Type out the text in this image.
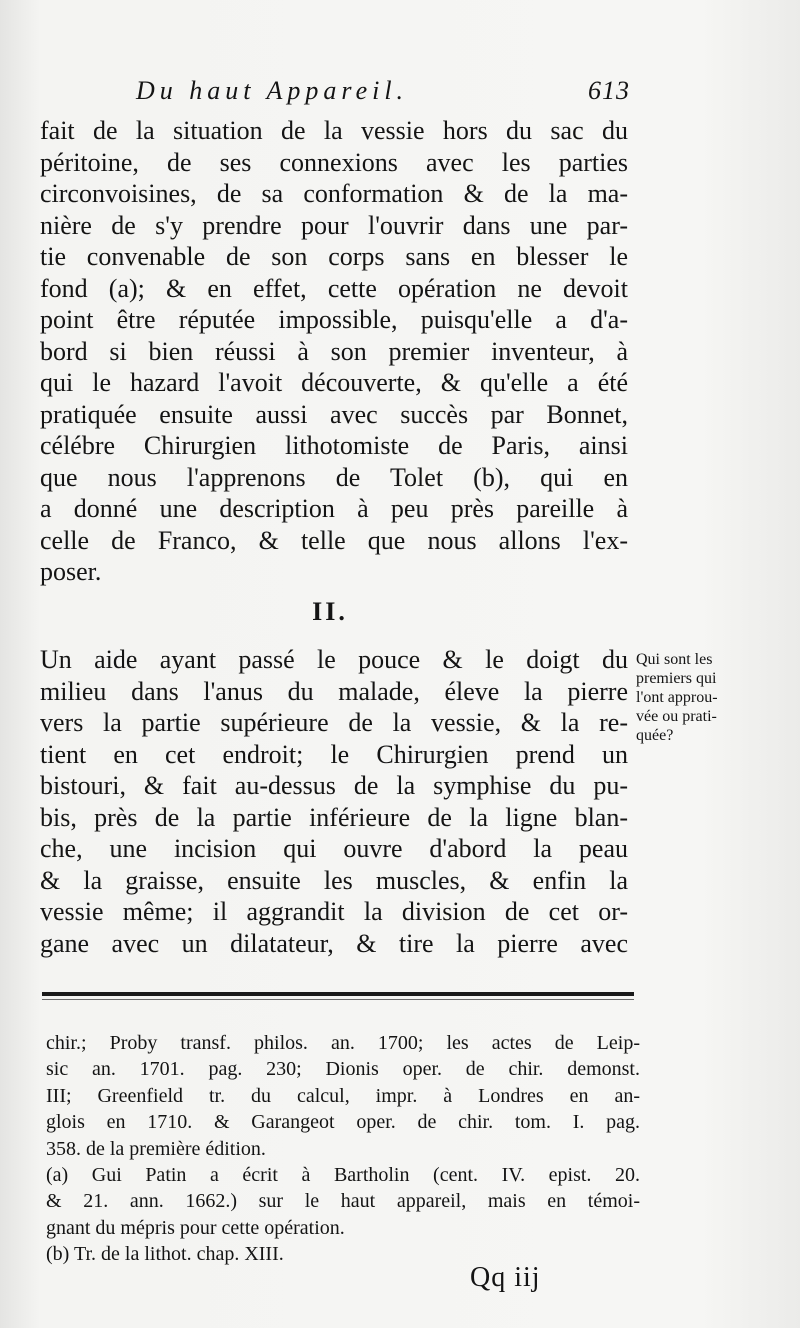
Du haut Appareil.	613
fait de la situation de la vessie hors du sac du
péritoine, de ses connexions avec les parties
circonvoisines, de sa conformation & de la ma-
nière de s'y prendre pour l'ouvrir dans une par-
tie convenable de son corps sans en blesser le
fond (a); & en effet, cette opération ne devoit
point être réputée impossible, puisqu'elle a d'a-
bord si bien réussi à son premier inventeur, à
qui le hazard l'avoit découverte, & qu'elle a été
pratiquée ensuite aussi avec succès par Bonnet,
célébre Chirurgien lithotomiste de Paris, ainsi
que nous l'apprenons de Tolet (b), qui en
a donné une description à peu près pareille à
celle de Franco, & telle que nous allons l'ex-
poser.
II.
Un aide ayant passé le pouce & le doigt du
milieu dans l'anus du malade, éleve la pierre
vers la partie supérieure de la vessie, & la re-
tient en cet endroit; le Chirurgien prend un
bistouri, & fait au-dessus de la symphise du pu-
bis, près de la partie inférieure de la ligne blan-
che, une incision qui ouvre d'abord la peau
& la graisse, ensuite les muscles, & enfin la
vessie même; il aggrandit la division de cet or-
gane avec un dilatateur, & tire la pierre avec
Qui sont les
premiers qui
l'ont approu-
vée ou prati-
quée?
chir.; Proby transf. philos. an. 1700; les actes de Leip-
sic an. 1701. pag. 230; Dionis oper. de chir. demonst.
III; Greenfield tr. du calcul, impr. à Londres en an-
glois en 1710. & Garangeot oper. de chir. tom. I. pag.
358. de la première édition.
(a) Gui Patin a écrit à Bartholin (cent. IV. epist. 20.
& 21. ann. 1662.) sur le haut appareil, mais en témoi-
gnant du mépris pour cette opération.
(b) Tr. de la lithot. chap. XIII.
Qq iij
